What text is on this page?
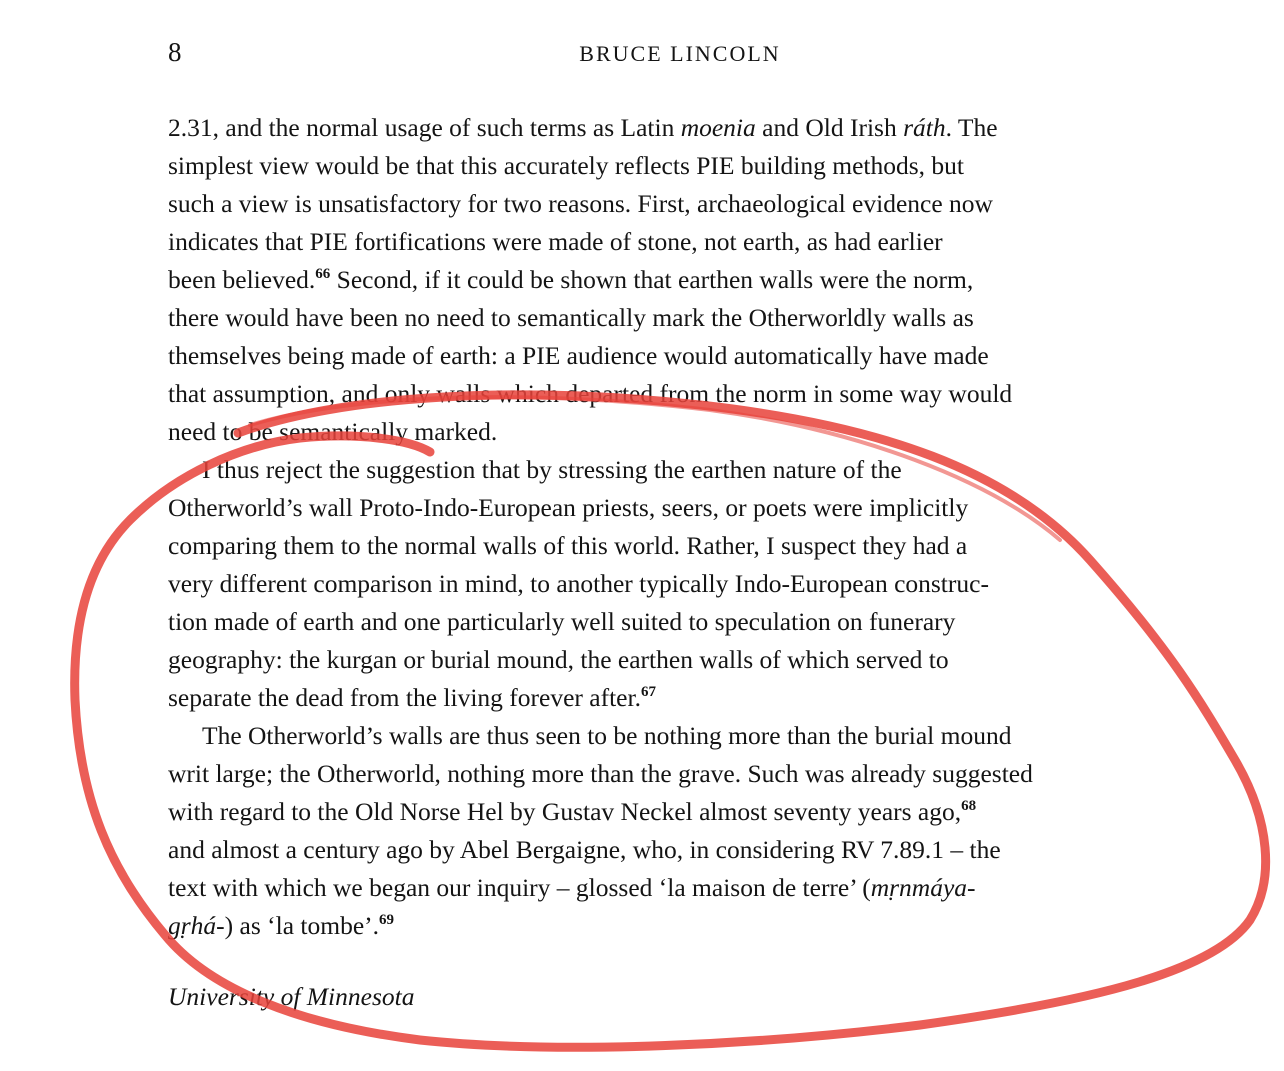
8	BRUCE LINCOLN
2.31, and the normal usage of such terms as Latin moenia and Old Irish ráth. The
simplest view would be that this accurately reflects PIE building methods, but
such a view is unsatisfactory for two reasons. First, archaeological evidence now
indicates that PIE fortifications were made of stone, not earth, as had earlier
been believed.$^{66}$ Second, if it could be shown that earthen walls were the norm,
there would have been no need to semantically mark the Otherworldly walls as
themselves being made of earth: a PIE audience would automatically have made
that assumption, and only walls which departed from the norm in some way would
need to be semantically marked.
I thus reject the suggestion that by stressing the earthen nature of the
Otherworld’s wall Proto-Indo-European priests, seers, or poets were implicitly
comparing them to the normal walls of this world. Rather, I suspect they had a
very different comparison in mind, to another typically Indo-European construc-
tion made of earth and one particularly well suited to speculation on funerary
geography: the kurgan or burial mound, the earthen walls of which served to
separate the dead from the living forever after.$^{67}$
The Otherworld’s walls are thus seen to be nothing more than the burial mound
writ large; the Otherworld, nothing more than the grave. Such was already suggested
with regard to the Old Norse Hel by Gustav Neckel almost seventy years ago,$^{68}$
and almost a century ago by Abel Bergaigne, who, in considering RV 7.89.1 – the
text with which we began our inquiry – glossed ‘la maison de terre’ (mṛnmáya-
gṛhá-) as ‘la tombe’.$^{69}$
University of Minnesota
